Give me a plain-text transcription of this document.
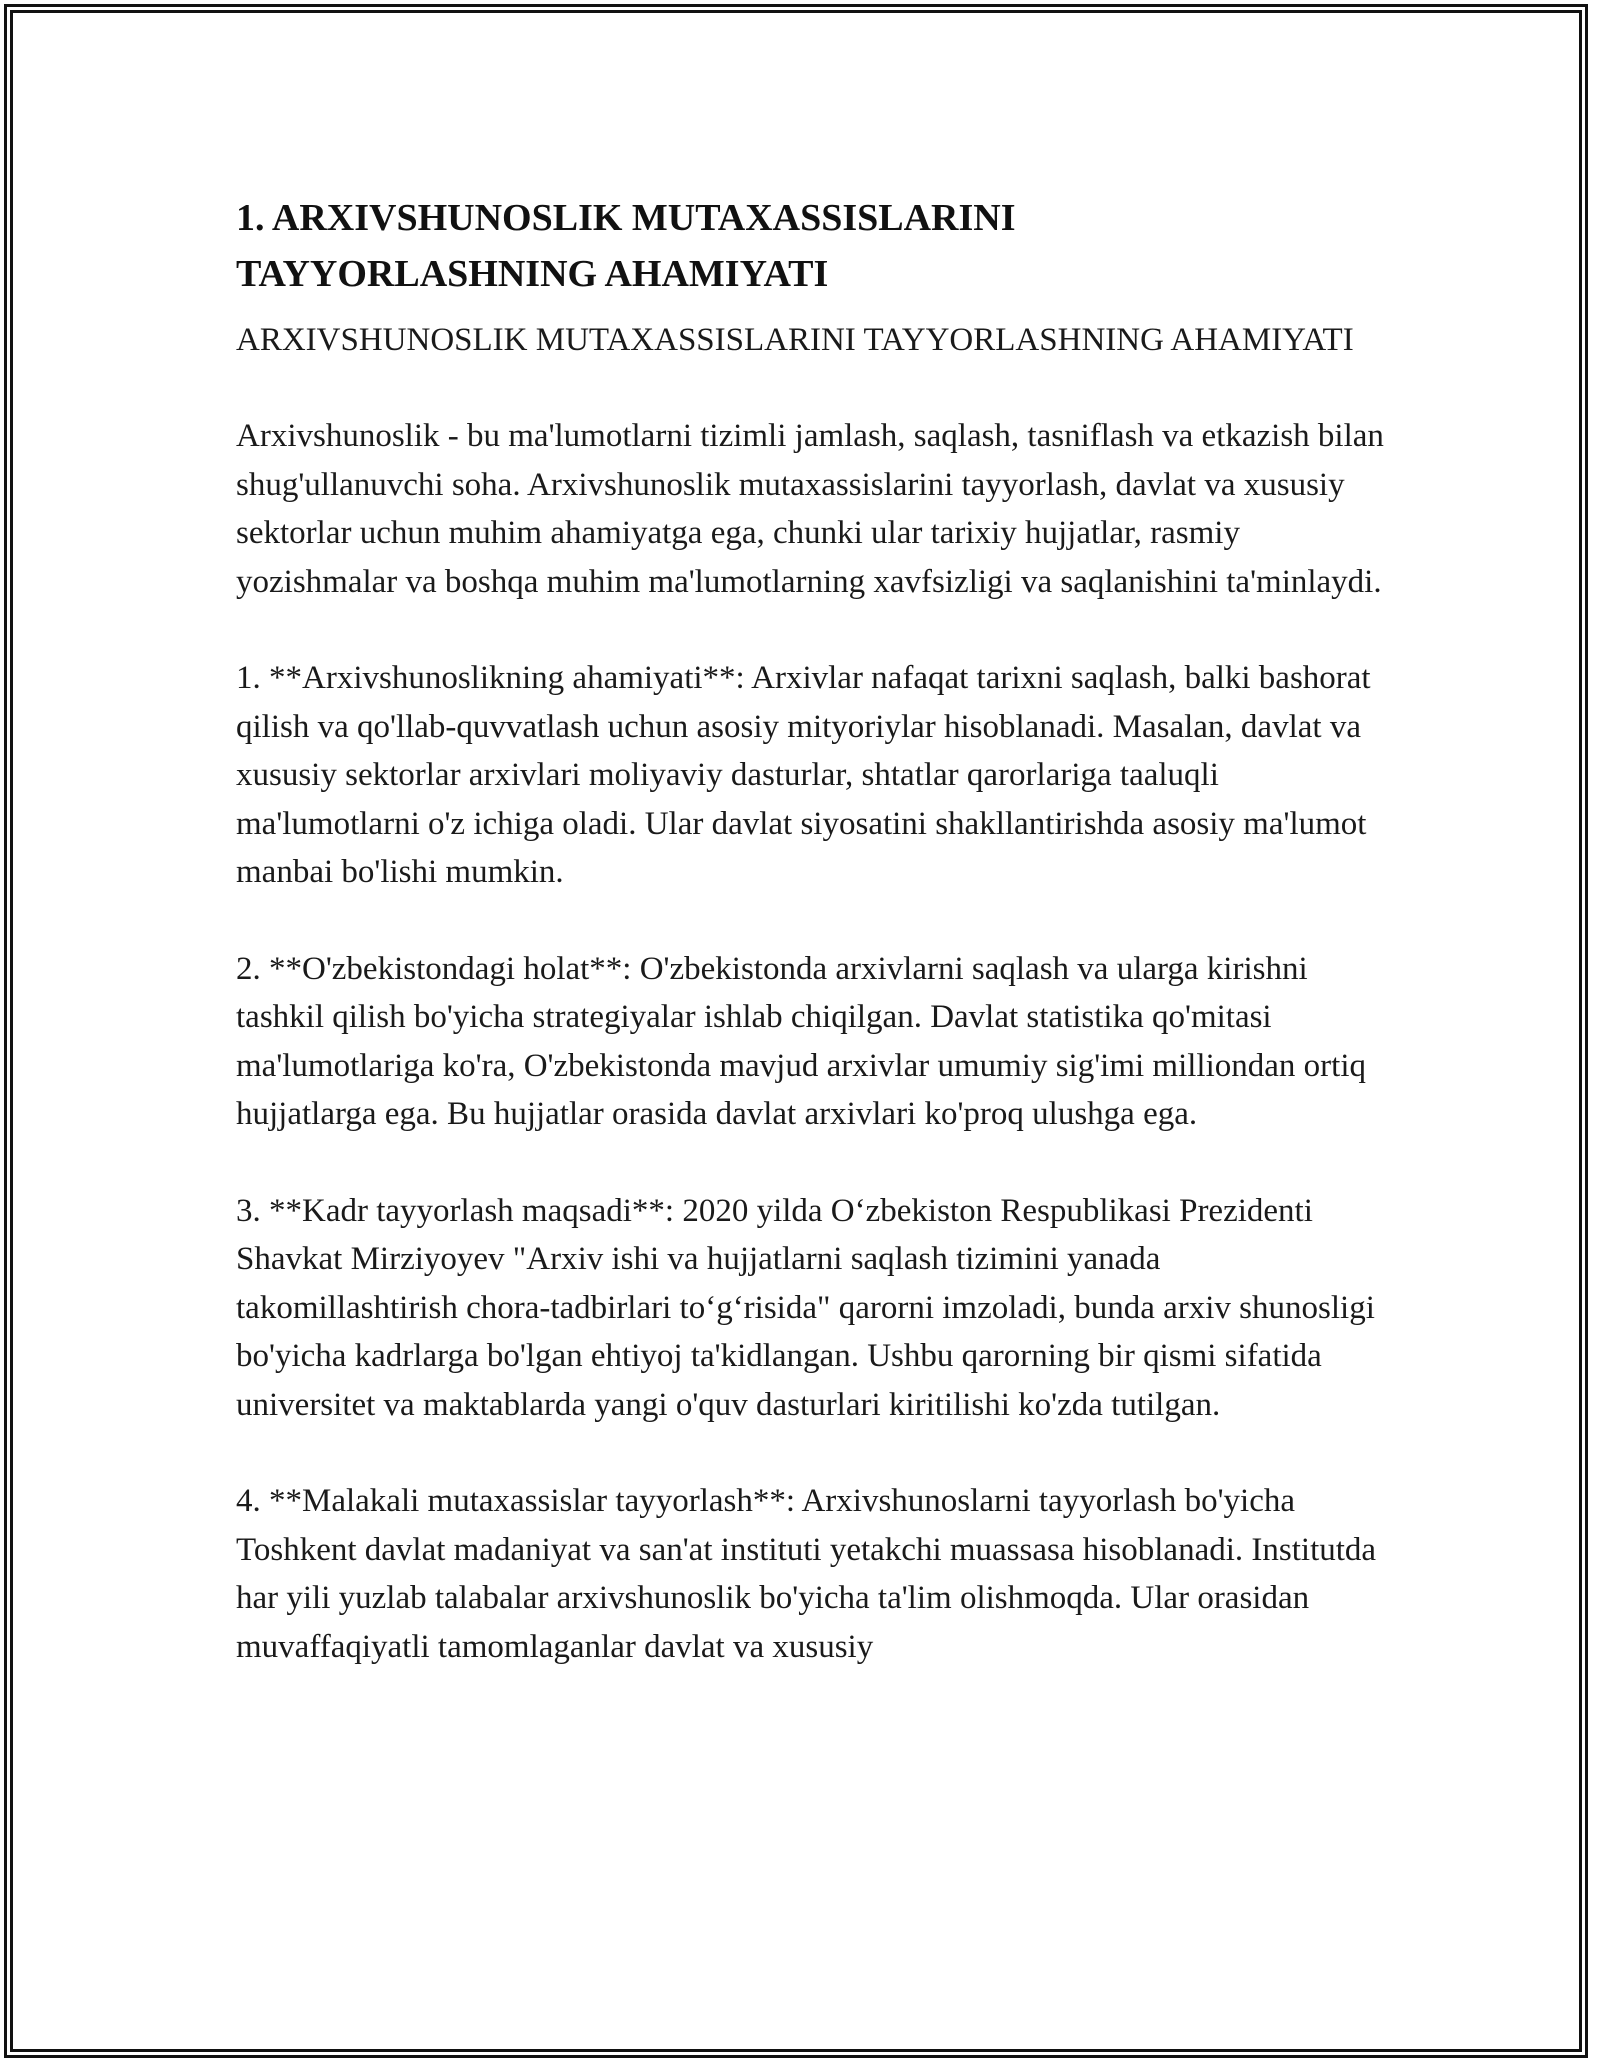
1. ARXIVSHUNOSLIK MUTAXASSISLARINI TAYYORLASHNING AHAMIYATI

ARXIVSHUNOSLIK MUTAXASSISLARINI TAYYORLASHNING AHAMIYATI

Arxivshunoslik - bu ma'lumotlarni tizimli jamlash, saqlash, tasniflash va etkazish bilan shug'ullanuvchi soha. Arxivshunoslik mutaxassislarini tayyorlash, davlat va xususiy sektorlar uchun muhim ahamiyatga ega, chunki ular tarixiy hujjatlar, rasmiy yozishmalar va boshqa muhim ma'lumotlarning xavfsizligi va saqlanishini ta'minlaydi.

1. **Arxivshunoslikning ahamiyati**: Arxivlar nafaqat tarixni saqlash, balki bashorat qilish va qo'llab-quvvatlash uchun asosiy mityoriylar hisoblanadi. Masalan, davlat va xususiy sektorlar arxivlari moliyaviy dasturlar, shtatlar qarorlariga taaluqli ma'lumotlarni o'z ichiga oladi. Ular davlat siyosatini shakllantirishda asosiy ma'lumot manbai bo'lishi mumkin.

2. **O'zbekistondagi holat**: O'zbekistonda arxivlarni saqlash va ularga kirishni tashkil qilish bo'yicha strategiyalar ishlab chiqilgan. Davlat statistika qo'mitasi ma'lumotlariga ko'ra, O'zbekistonda mavjud arxivlar umumiy sig'imi milliondan ortiq hujjatlarga ega. Bu hujjatlar orasida davlat arxivlari ko'proq ulushga ega.

3. **Kadr tayyorlash maqsadi**: 2020 yilda O‘zbekiston Respublikasi Prezidenti Shavkat Mirziyoyev "Arxiv ishi va hujjatlarni saqlash tizimini yanada takomillashtirish chora-tadbirlari to‘g‘risida" qarorni imzoladi, bunda arxiv shunosligi bo'yicha kadrlarga bo'lgan ehtiyoj ta'kidlangan. Ushbu qarorning bir qismi sifatida universitet va maktablarda yangi o'quv dasturlari kiritilishi ko'zda tutilgan.

4. **Malakali mutaxassislar tayyorlash**: Arxivshunoslarni tayyorlash bo'yicha Toshkent davlat madaniyat va san'at instituti yetakchi muassasa hisoblanadi. Institutda har yili yuzlab talabalar arxivshunoslik bo'yicha ta'lim olishmoqda. Ular orasidan muvaffaqiyatli tamomlaganlar davlat va xususiy
